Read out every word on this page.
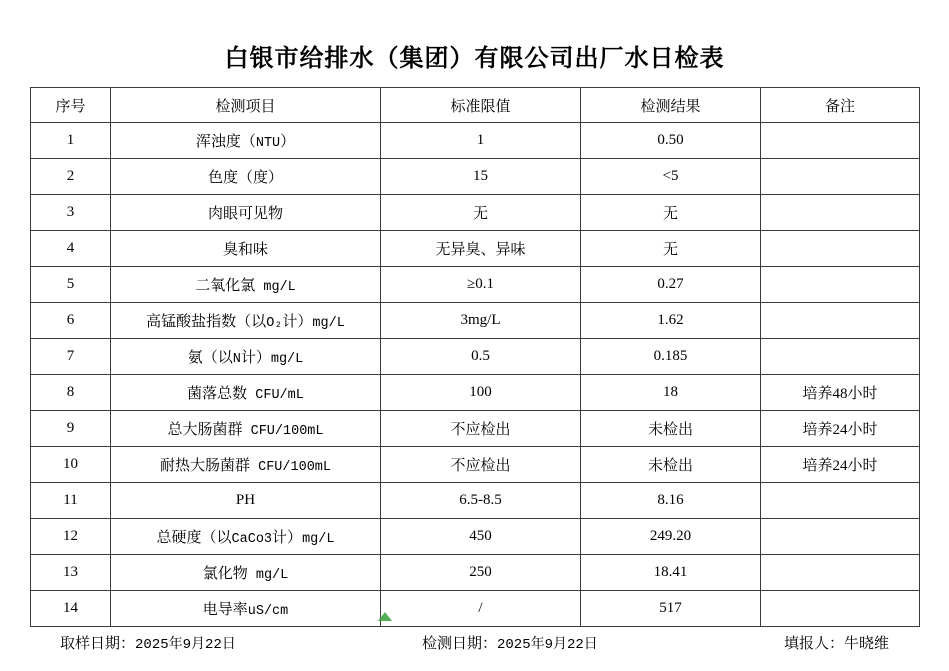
白银市给排水（集团）有限公司出厂水日检表
序号	检测项目	标准限值	检测结果	备注
1	浑浊度（NTU）	1	0.50	
2	色度（度）	15	<5	
3	肉眼可见物	无	无	
4	臭和味	无异臭、异味	无	
5	二氧化氯 mg/L	≥0.1	0.27	
6	高锰酸盐指数（以O₂计）mg/L	3mg/L	1.62	
7	氨（以N计）mg/L	0.5	0.185	
8	菌落总数 CFU/mL	100	18	培养48小时
9	总大肠菌群 CFU/100mL	不应检出	未检出	培养24小时
10	耐热大肠菌群 CFU/100mL	不应检出	未检出	培养24小时
11	PH	6.5-8.5	8.16	
12	总硬度（以CaCo3计）mg/L	450	249.20	
13	氯化物 mg/L	250	18.41	
14	电导率uS/cm	/	517	
取样日期：2025年9月22日	检测日期：2025年9月22日	填报人：牛晓维
